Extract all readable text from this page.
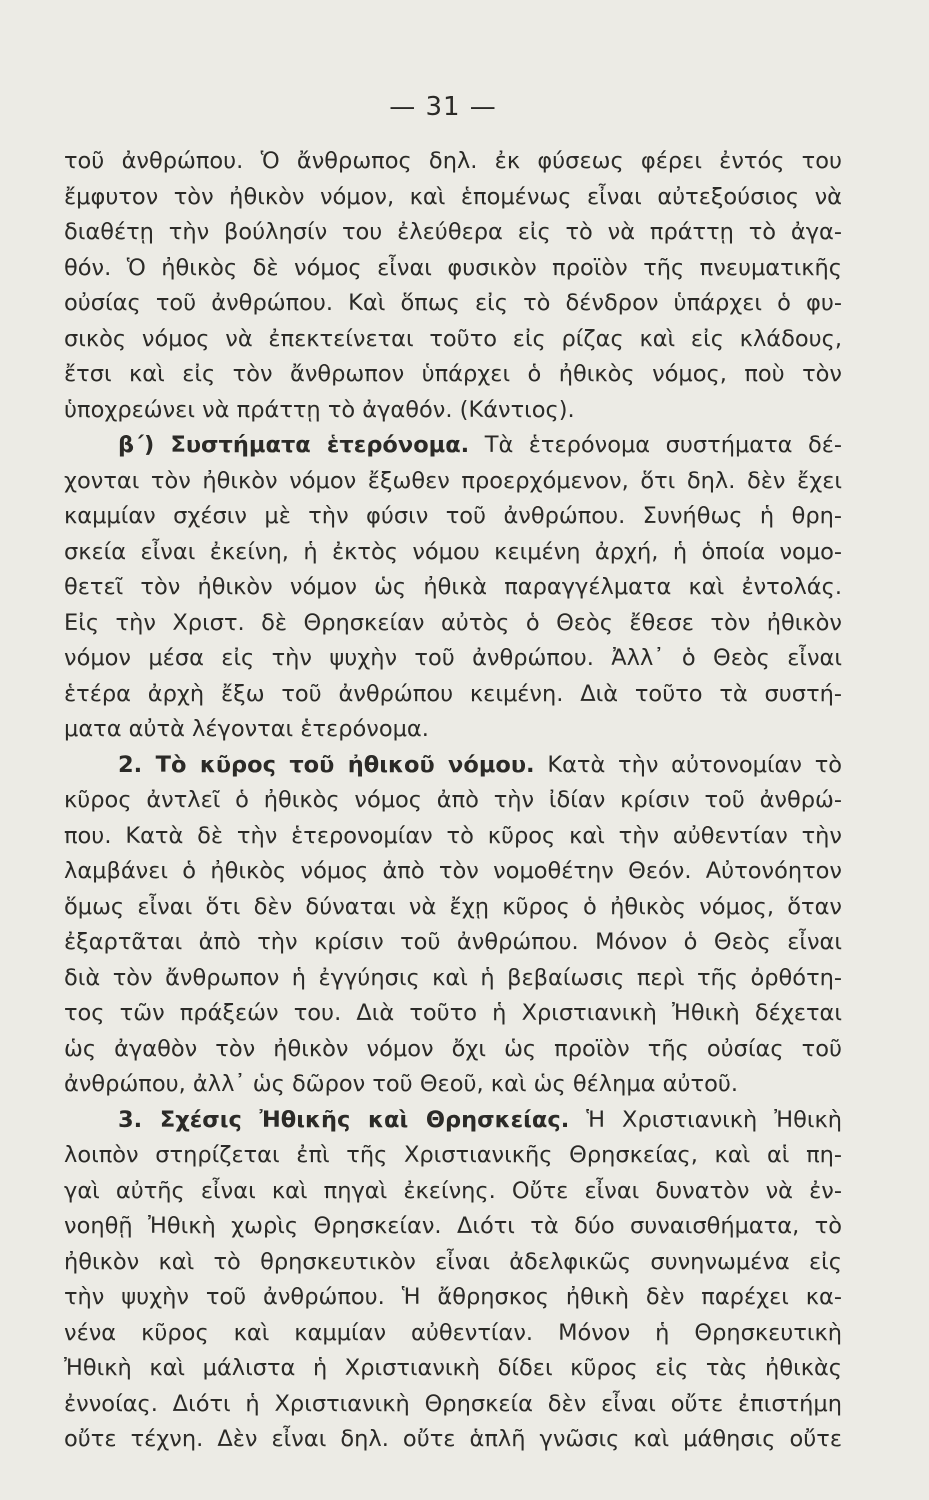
— 31 —
τοῦ ἀνθρώπου. Ὁ ἄνθρωπος δηλ. ἐκ φύσεως φέρει ἐντός του
ἔμφυτον τὸν ἠθικὸν νόμον, καὶ ἑπομένως εἶναι αὐτεξούσιος νὰ
διαθέτῃ τὴν βούλησίν του ἐλεύθερα εἰς τὸ νὰ πράττῃ τὸ ἀγα-
θόν. Ὁ ἠθικὸς δὲ νόμος εἶναι φυσικὸν προϊὸν τῆς πνευματικῆς
οὐσίας τοῦ ἀνθρώπου. Καὶ ὅπως εἰς τὸ δένδρον ὑπάρχει ὁ φυ-
σικὸς νόμος νὰ ἐπεκτείνεται τοῦτο εἰς ρίζας καὶ εἰς κλάδους,
ἔτσι καὶ εἰς τὸν ἄνθρωπον ὑπάρχει ὁ ἠθικὸς νόμος, ποὺ τὸν
ὑποχρεώνει νὰ πράττῃ τὸ ἀγαθόν. (Κάντιος).
β΄) Συστήματα ἑτερόνομα. Τὰ ἑτερόνομα συστήματα δέ-
χονται τὸν ἠθικὸν νόμον ἔξωθεν προερχόμενον, ὅτι δηλ. δὲν ἔχει
καμμίαν σχέσιν μὲ τὴν φύσιν τοῦ ἀνθρώπου. Συνήθως ἡ θρη-
σκεία εἶναι ἐκείνη, ἡ ἐκτὸς νόμου κειμένη ἀρχή, ἡ ὁποία νομο-
θετεῖ τὸν ἠθικὸν νόμον ὡς ἠθικὰ παραγγέλματα καὶ ἐντολάς.
Εἰς τὴν Χριστ. δὲ Θρησκείαν αὐτὸς ὁ Θεὸς ἔθεσε τὸν ἠθικὸν
νόμον μέσα εἰς τὴν ψυχὴν τοῦ ἀνθρώπου. Ἀλλ᾽ ὁ Θεὸς εἶναι
ἑτέρα ἀρχὴ ἔξω τοῦ ἀνθρώπου κειμένη. Διὰ τοῦτο τὰ συστή-
ματα αὐτὰ λέγονται ἑτερόνομα.
2. Τὸ κῦρος τοῦ ἠθικοῦ νόμου. Κατὰ τὴν αὐτονομίαν τὸ
κῦρος ἀντλεῖ ὁ ἠθικὸς νόμος ἀπὸ τὴν ἰδίαν κρίσιν τοῦ ἀνθρώ-
που. Κατὰ δὲ τὴν ἑτερονομίαν τὸ κῦρος καὶ τὴν αὐθεντίαν τὴν
λαμβάνει ὁ ἠθικὸς νόμος ἀπὸ τὸν νομοθέτην Θεόν. Αὐτονόητον
ὅμως εἶναι ὅτι δὲν δύναται νὰ ἔχῃ κῦρος ὁ ἠθικὸς νόμος, ὅταν
ἐξαρτᾶται ἀπὸ τὴν κρίσιν τοῦ ἀνθρώπου. Μόνον ὁ Θεὸς εἶναι
διὰ τὸν ἄνθρωπον ἡ ἐγγύησις καὶ ἡ βεβαίωσις περὶ τῆς ὀρθότη-
τος τῶν πράξεών του. Διὰ τοῦτο ἡ Χριστιανικὴ Ἠθικὴ δέχεται
ὡς ἀγαθὸν τὸν ἠθικὸν νόμον ὄχι ὡς προϊὸν τῆς οὐσίας τοῦ
ἀνθρώπου, ἀλλ᾽ ὡς δῶρον τοῦ Θεοῦ, καὶ ὡς θέλημα αὐτοῦ.
3. Σχέσις Ἠθικῆς καὶ Θρησκείας. Ἡ Χριστιανικὴ Ἠθικὴ
λοιπὸν στηρίζεται ἐπὶ τῆς Χριστιανικῆς Θρησκείας, καὶ αἱ πη-
γαὶ αὐτῆς εἶναι καὶ πηγαὶ ἐκείνης. Οὔτε εἶναι δυνατὸν νὰ ἐν-
νοηθῇ Ἠθικὴ χωρὶς Θρησκείαν. Διότι τὰ δύο συναισθήματα, τὸ
ἠθικὸν καὶ τὸ θρησκευτικὸν εἶναι ἀδελφικῶς συνηνωμένα εἰς
τὴν ψυχὴν τοῦ ἀνθρώπου. Ἡ ἄθρησκος ἠθικὴ δὲν παρέχει κα-
νένα κῦρος καὶ καμμίαν αὐθεντίαν. Μόνον ἡ Θρησκευτικὴ
Ἠθικὴ καὶ μάλιστα ἡ Χριστιανικὴ δίδει κῦρος εἰς τὰς ἠθικὰς
ἐννοίας. Διότι ἡ Χριστιανικὴ Θρησκεία δὲν εἶναι οὔτε ἐπιστήμη
οὔτε τέχνη. Δὲν εἶναι δηλ. οὔτε ἁπλῆ γνῶσις καὶ μάθησις οὔτε
